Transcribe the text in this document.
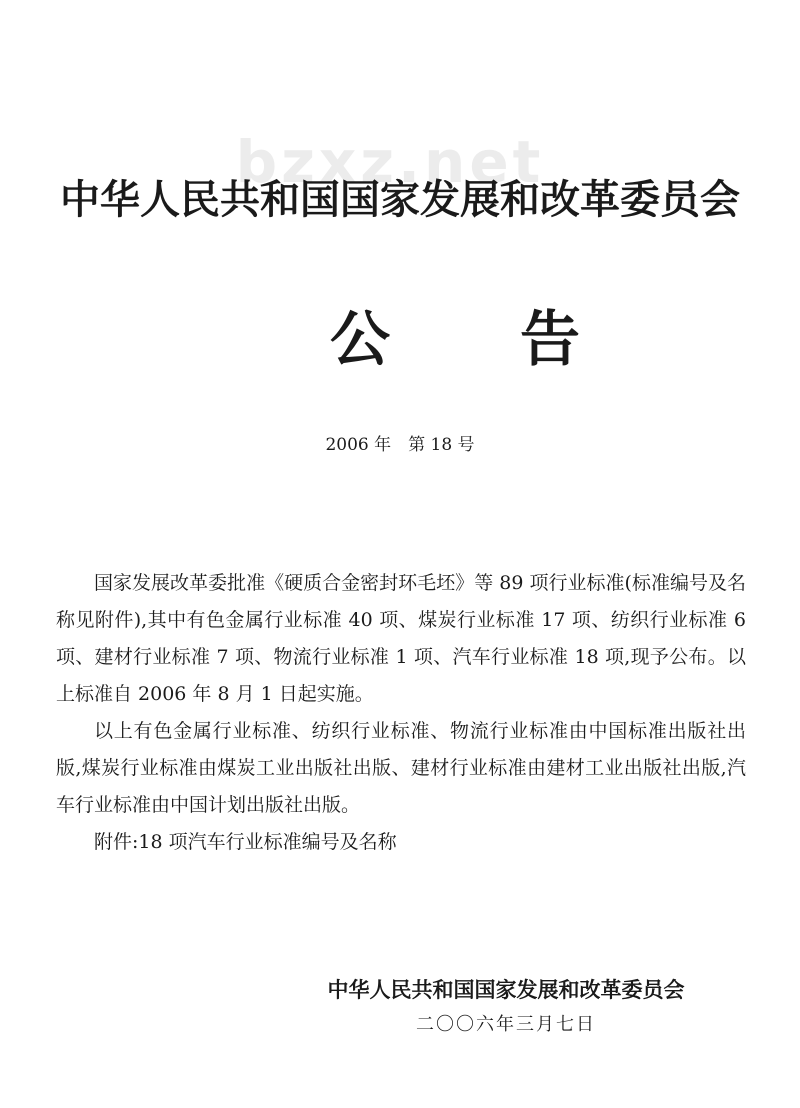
bzxz.net
中华人民共和国国家发展和改革委员会
公告
2006 年　第 18 号

国家发展改革委批准《硬质合金密封环毛坯》等 89 项行业标准(标准编号及名称见附件),其中有色金属行业标准 40 项、煤炭行业标准 17 项、纺织行业标准 6 项、建材行业标准 7 项、物流行业标准 1 项、汽车行业标准 18 项,现予公布。以上标准自 2006 年 8 月 1 日起实施。

以上有色金属行业标准、纺织行业标准、物流行业标准由中国标准出版社出版,煤炭行业标准由煤炭工业出版社出版、建材行业标准由建材工业出版社出版,汽车行业标准由中国计划出版社出版。

附件:18 项汽车行业标准编号及名称

中华人民共和国国家发展和改革委员会
二〇〇六年三月七日
